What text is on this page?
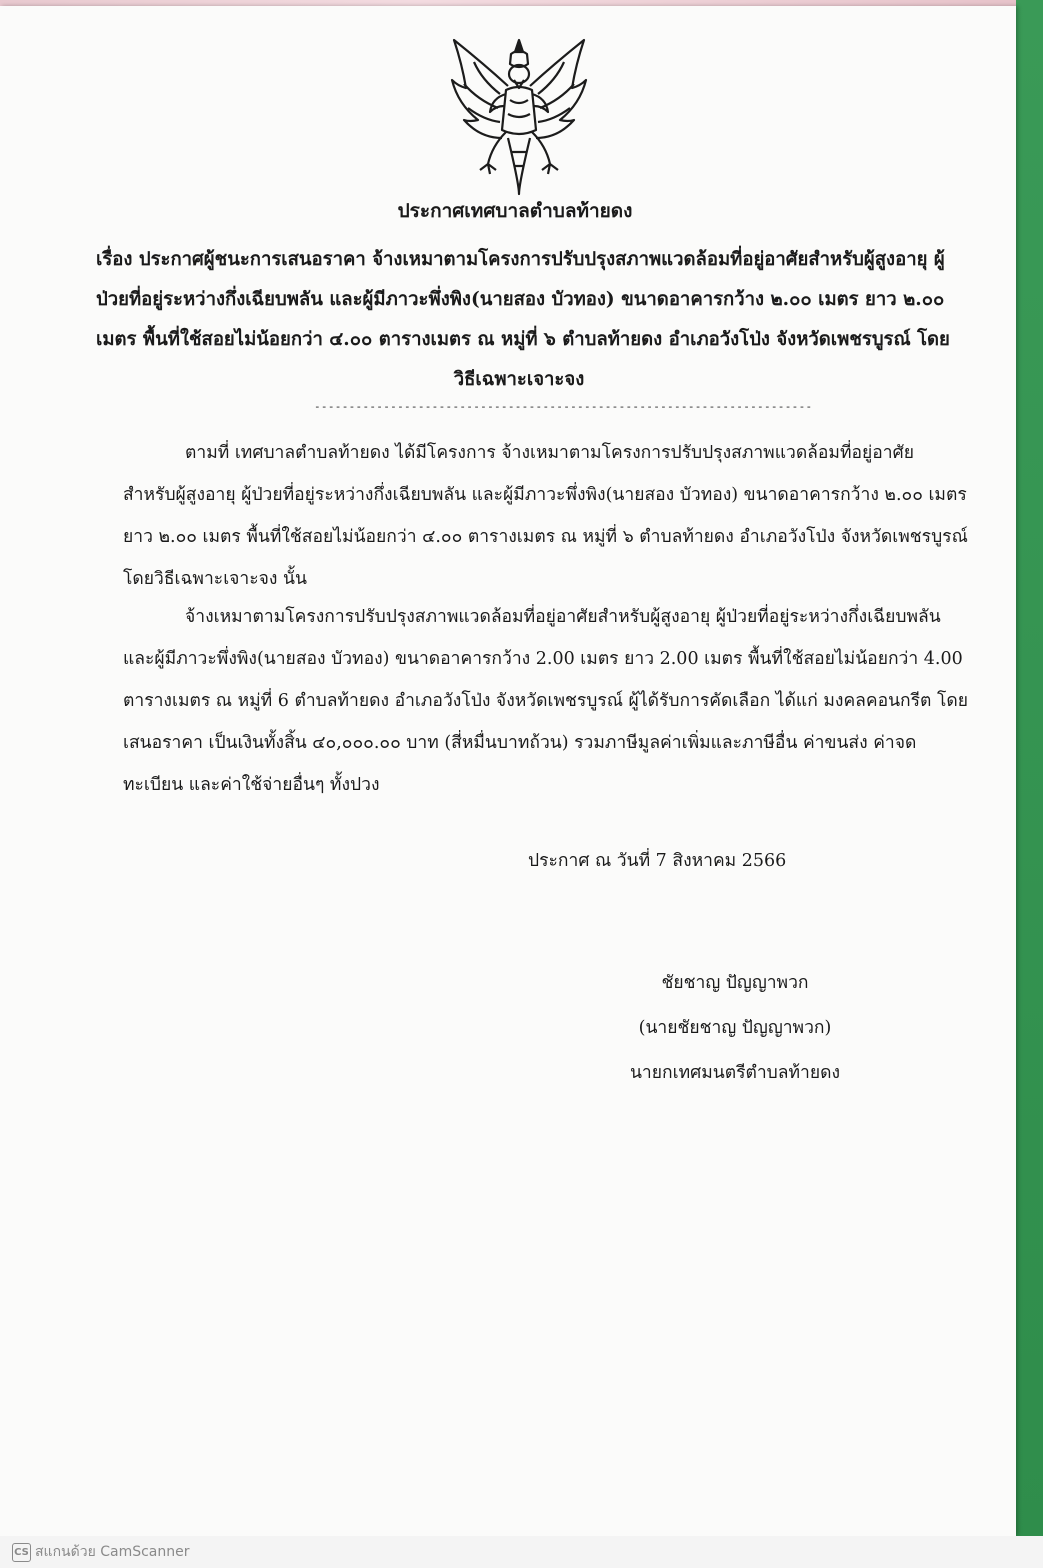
ประกาศเทศบาลตำบลท้ายดง
เรื่อง ประกาศผู้ชนะการเสนอราคา จ้างเหมาตามโครงการปรับปรุงสภาพแวดล้อมที่อยู่อาศัยสำหรับผู้สูงอายุ ผู้
ป่วยที่อยู่ระหว่างกึ่งเฉียบพลัน และผู้มีภาวะพึ่งพิง(นายสอง บัวทอง) ขนาดอาคารกว้าง ๒.๐๐ เมตร ยาว ๒.๐๐
เมตร พื้นที่ใช้สอยไม่น้อยกว่า ๔.๐๐ ตารางเมตร ณ หมู่ที่ ๖ ตำบลท้ายดง อำเภอวังโป่ง จังหวัดเพชรบูรณ์ โดย
วิธีเฉพาะเจาะจง
------------------------------------------------------------------------
ตามที่ เทศบาลตำบลท้ายดง ได้มีโครงการ จ้างเหมาตามโครงการปรับปรุงสภาพแวดล้อมที่อยู่อาศัย
สำหรับผู้สูงอายุ ผู้ป่วยที่อยู่ระหว่างกึ่งเฉียบพลัน และผู้มีภาวะพึ่งพิง(นายสอง บัวทอง) ขนาดอาคารกว้าง ๒.๐๐ เมตร
ยาว ๒.๐๐ เมตร พื้นที่ใช้สอยไม่น้อยกว่า ๔.๐๐ ตารางเมตร ณ หมู่ที่ ๖ ตำบลท้ายดง อำเภอวังโป่ง จังหวัดเพชรบูรณ์
โดยวิธีเฉพาะเจาะจง นั้น
จ้างเหมาตามโครงการปรับปรุงสภาพแวดล้อมที่อยู่อาศัยสำหรับผู้สูงอายุ ผู้ป่วยที่อยู่ระหว่างกึ่งเฉียบพลัน
และผู้มีภาวะพึ่งพิง(นายสอง บัวทอง) ขนาดอาคารกว้าง 2.00 เมตร ยาว 2.00 เมตร พื้นที่ใช้สอยไม่น้อยกว่า 4.00
ตารางเมตร ณ หมู่ที่ 6 ตำบลท้ายดง อำเภอวังโป่ง จังหวัดเพชรบูรณ์ ผู้ได้รับการคัดเลือก ได้แก่ มงคลคอนกรีต โดย
เสนอราคา เป็นเงินทั้งสิ้น ๔๐,๐๐๐.๐๐ บาท (สี่หมื่นบาทถ้วน) รวมภาษีมูลค่าเพิ่มและภาษีอื่น ค่าขนส่ง ค่าจด
ทะเบียน และค่าใช้จ่ายอื่นๆ ทั้งปวง
ประกาศ ณ วันที่ 7 สิงหาคม 2566
ชัยชาญ ปัญญาพวก
(นายชัยชาญ ปัญญาพวก)
นายกเทศมนตรีตำบลท้ายดง
CS สแกนด้วย CamScanner
